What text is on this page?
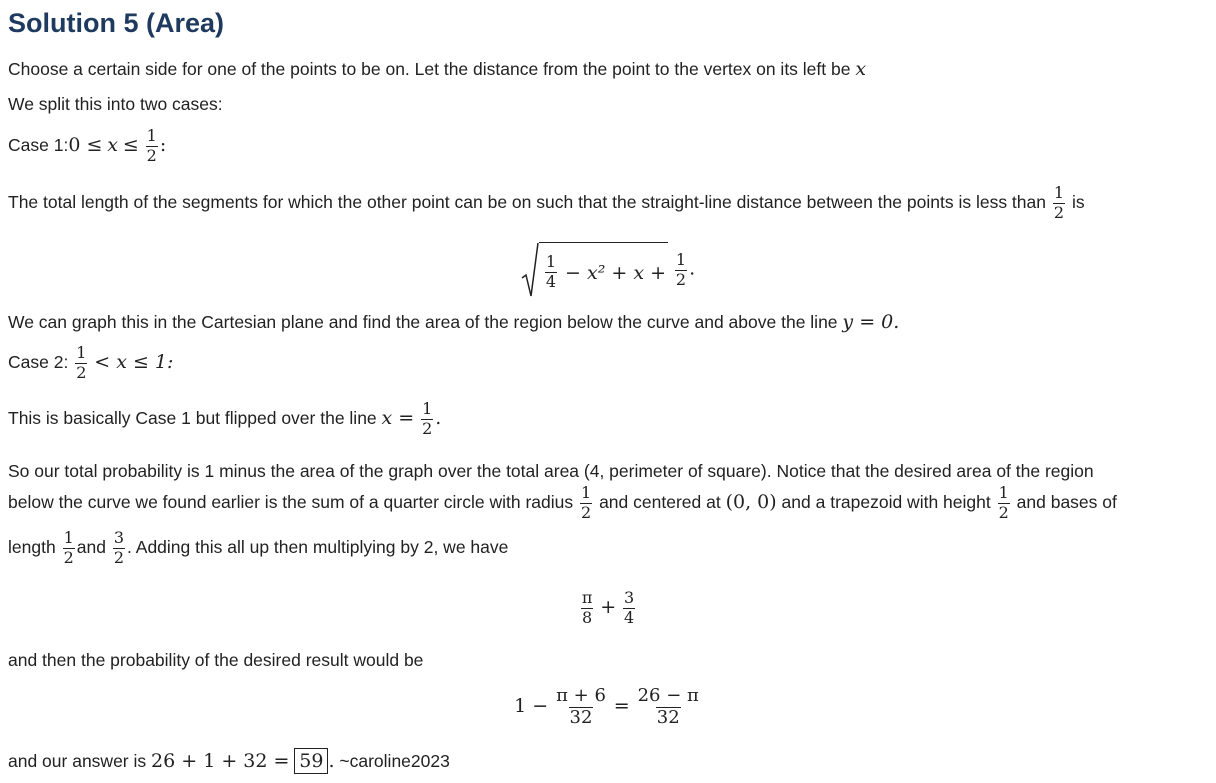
Solution 5 (Area)
Choose a certain side for one of the points to be on. Let the distance from the point to the vertex on its left be x
We split this into two cases:
Case 1:0 ≤ $x \le \frac{1}{2}$ :
The total length of the segments for which the other point can be on such that the straight-line distance between the points is less than $\frac{1}{2}$ is
$\frac{1}{4} - x^2 + x$ +
$\frac{1}{2}$ .
We can graph this in the Cartesian plane and find the area of the region below the curve and above the line y = 0.
Case 2: $\frac{1}{2} < x \le 1$:
This is basically Case 1 but flipped over the line $x = \frac{1}{2}$ .
So our total probability is 1 minus the area of the graph over the total area (4, perimeter of square). Notice that the desired area of the region
below the curve we found earlier is the sum of a quarter circle with radius $\frac{1}{2}$ and centered at (0, 0) and a trapezoid with height $\frac{1}{2}$ and bases of
length $\frac{1}{2}$ and $\frac{3}{2}$ . Adding this all up then multiplying by 2, we have
$\frac{\pi}{8} + \frac{3}{4}$
and then the probability of the desired result would be
$1 - \frac{\pi + 6}{32} = \frac{26 - \pi}{32}$
and our answer is 26 + 1 + 32 = 59 . ~caroline2023
